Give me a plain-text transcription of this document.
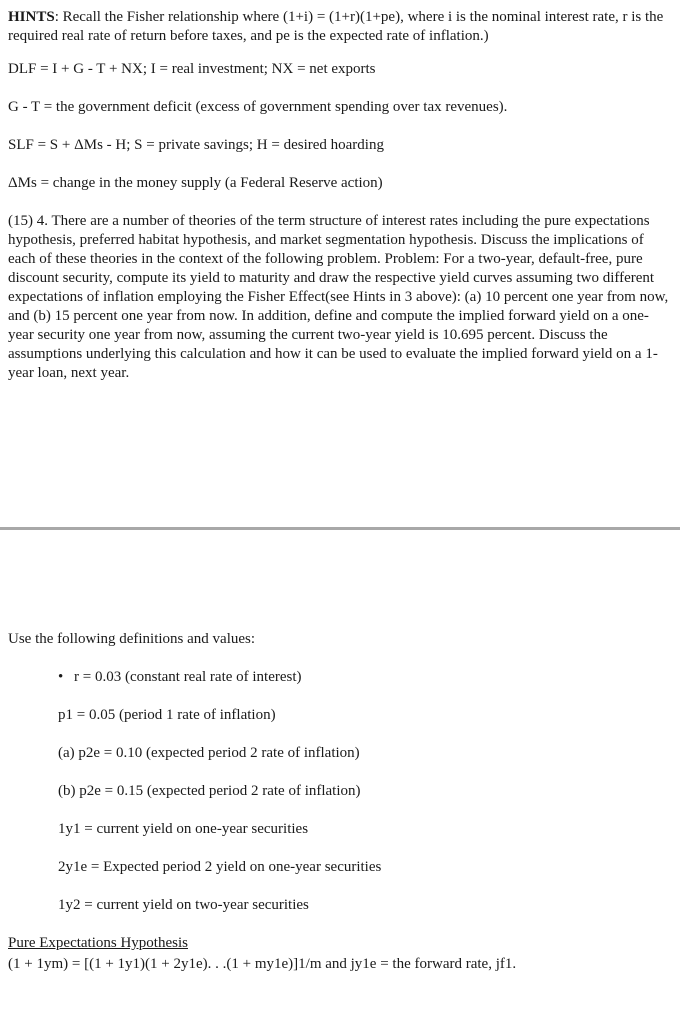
HINTS: Recall the Fisher relationship where (1+i) = (1+r)(1+pe), where i is the nominal interest rate, r is the required real rate of return before taxes, and pe is the expected rate of inflation.)

DLF = I + G - T + NX; I = real investment; NX = net exports

G - T = the government deficit (excess of government spending over tax revenues).

SLF = S + ΔMs - H; S = private savings; H = desired hoarding

ΔMs = change in the money supply (a Federal Reserve action)

(15) 4. There are a number of theories of the term structure of interest rates including the pure expectations hypothesis, preferred habitat hypothesis, and market segmentation hypothesis. Discuss the implications of each of these theories in the context of the following problem. Problem: For a two-year, default-free, pure discount security, compute its yield to maturity and draw the respective yield curves assuming two different expectations of inflation employing the Fisher Effect(see Hints in 3 above): (a) 10 percent one year from now, and (b) 15 percent one year from now. In addition, define and compute the implied forward yield on a one-year security one year from now, assuming the current two-year yield is 10.695 percent. Discuss the assumptions underlying this calculation and how it can be used to evaluate the implied forward yield on a 1-year loan, next year.

Use the following definitions and values:

• r = 0.03 (constant real rate of interest)
p1 = 0.05 (period 1 rate of inflation)
(a) p2e = 0.10 (expected period 2 rate of inflation)
(b) p2e = 0.15 (expected period 2 rate of inflation)
1y1 = current yield on one-year securities
2y1e = Expected period 2 yield on one-year securities
1y2 = current yield on two-year securities

Pure Expectations Hypothesis

(1 + 1ym) = [(1 + 1y1)(1 + 2y1e). . .(1 + my1e)]1/m and jy1e = the forward rate, jf1.
